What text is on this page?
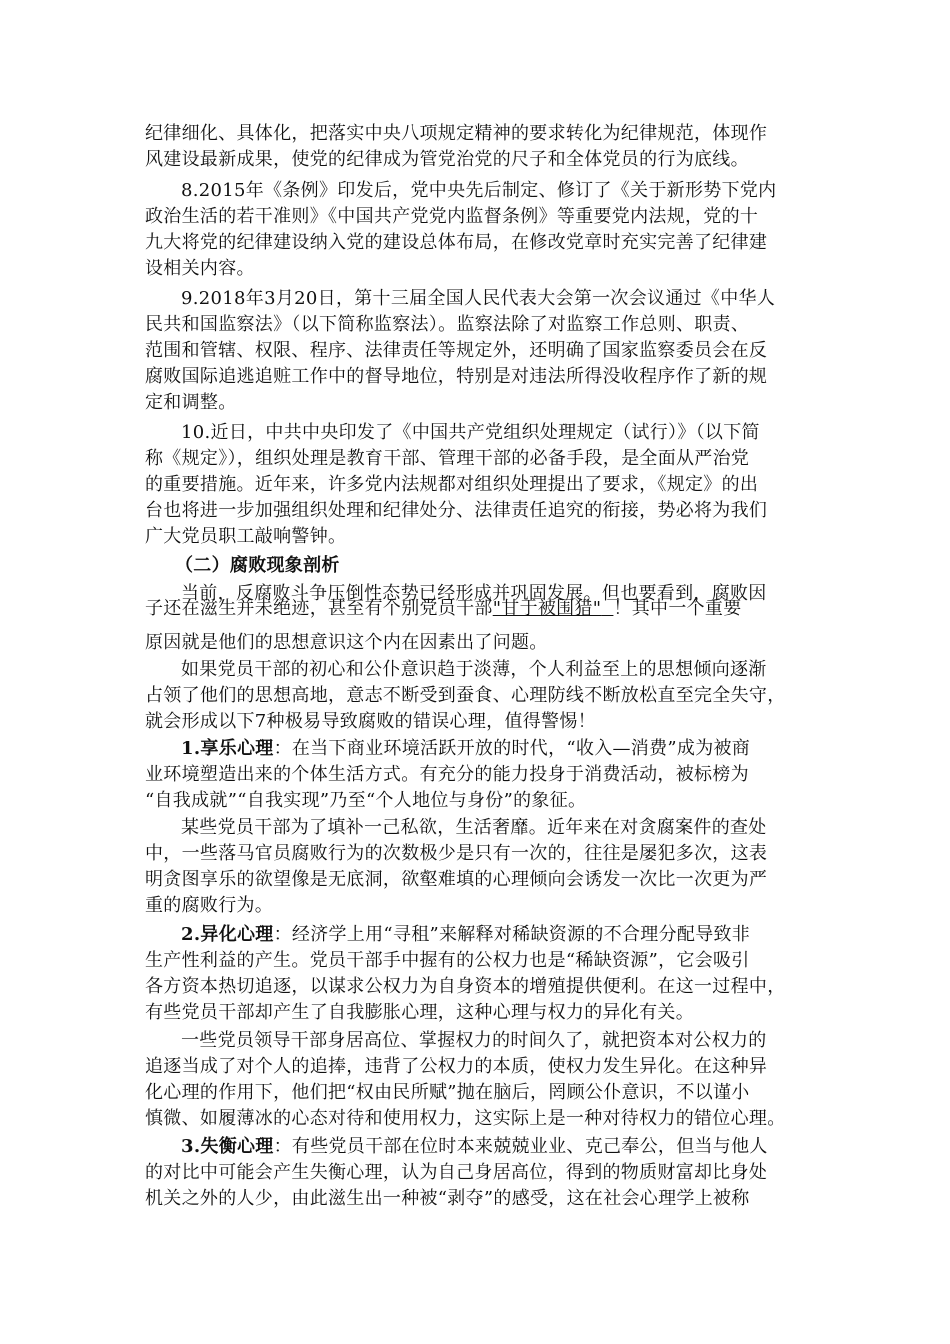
纪律细化、具体化，把落实中央八项规定精神的要求转化为纪律规范，体现作
风建设最新成果，使党的纪律成为管党治党的尺子和全体党员的行为底线。
8.2015年《条例》印发后，党中央先后制定、修订了《关于新形势下党内
政治生活的若干准则》《中国共产党党内监督条例》等重要党内法规，党的十
九大将党的纪律建设纳入党的建设总体布局，在修改党章时充实完善了纪律建
设相关内容。
9.2018年3月20日，第十三届全国人民代表大会第一次会议通过《中华人
民共和国监察法》（以下简称监察法）。监察法除了对监察工作总则、职责、
范围和管辖、权限、程序、法律责任等规定外，还明确了国家监察委员会在反
腐败国际追逃追赃工作中的督导地位，特别是对违法所得没收程序作了新的规
定和调整。
10.近日，中共中央印发了《中国共产党组织处理规定（试行）》（以下简
称《规定》），组织处理是教育干部、管理干部的必备手段，是全面从严治党
的重要措施。近年来，许多党内法规都对组织处理提出了要求，《规定》的出
台也将进一步加强组织处理和纪律处分、法律责任追究的衔接，势必将为我们
广大党员职工敲响警钟。
（二）腐败现象剖析
当前，反腐败斗争压倒性态势已经形成并巩固发展。但也要看到，腐败因
子还在滋生并未绝迹，甚至有个别党员干部"甘于被围猎" ！其中一个重要
原因就是他们的思想意识这个内在因素出了问题。
如果党员干部的初心和公仆意识趋于淡薄，个人利益至上的思想倾向逐渐
占领了他们的思想高地，意志不断受到蚕食、心理防线不断放松直至完全失守，
就会形成以下7种极易导致腐败的错误心理，值得警惕！
1.享乐心理：在当下商业环境活跃开放的时代，“收入—消费”成为被商
业环境塑造出来的个体生活方式。有充分的能力投身于消费活动，被标榜为
“自我成就”“自我实现”乃至“个人地位与身份”的象征。
某些党员干部为了填补一己私欲，生活奢靡。近年来在对贪腐案件的查处
中，一些落马官员腐败行为的次数极少是只有一次的，往往是屡犯多次，这表
明贪图享乐的欲望像是无底洞，欲壑难填的心理倾向会诱发一次比一次更为严
重的腐败行为。
2.异化心理：经济学上用“寻租”来解释对稀缺资源的不合理分配导致非
生产性利益的产生。党员干部手中握有的公权力也是“稀缺资源”，它会吸引
各方资本热切追逐，以谋求公权力为自身资本的增殖提供便利。在这一过程中，
有些党员干部却产生了自我膨胀心理，这种心理与权力的异化有关。
一些党员领导干部身居高位、掌握权力的时间久了，就把资本对公权力的
追逐当成了对个人的追捧，违背了公权力的本质，使权力发生异化。在这种异
化心理的作用下，他们把“权由民所赋”抛在脑后，罔顾公仆意识，不以谨小
慎微、如履薄冰的心态对待和使用权力，这实际上是一种对待权力的错位心理。
3.失衡心理：有些党员干部在位时本来兢兢业业、克己奉公，但当与他人
的对比中可能会产生失衡心理，认为自己身居高位，得到的物质财富却比身处
机关之外的人少，由此滋生出一种被“剥夺”的感受，这在社会心理学上被称
